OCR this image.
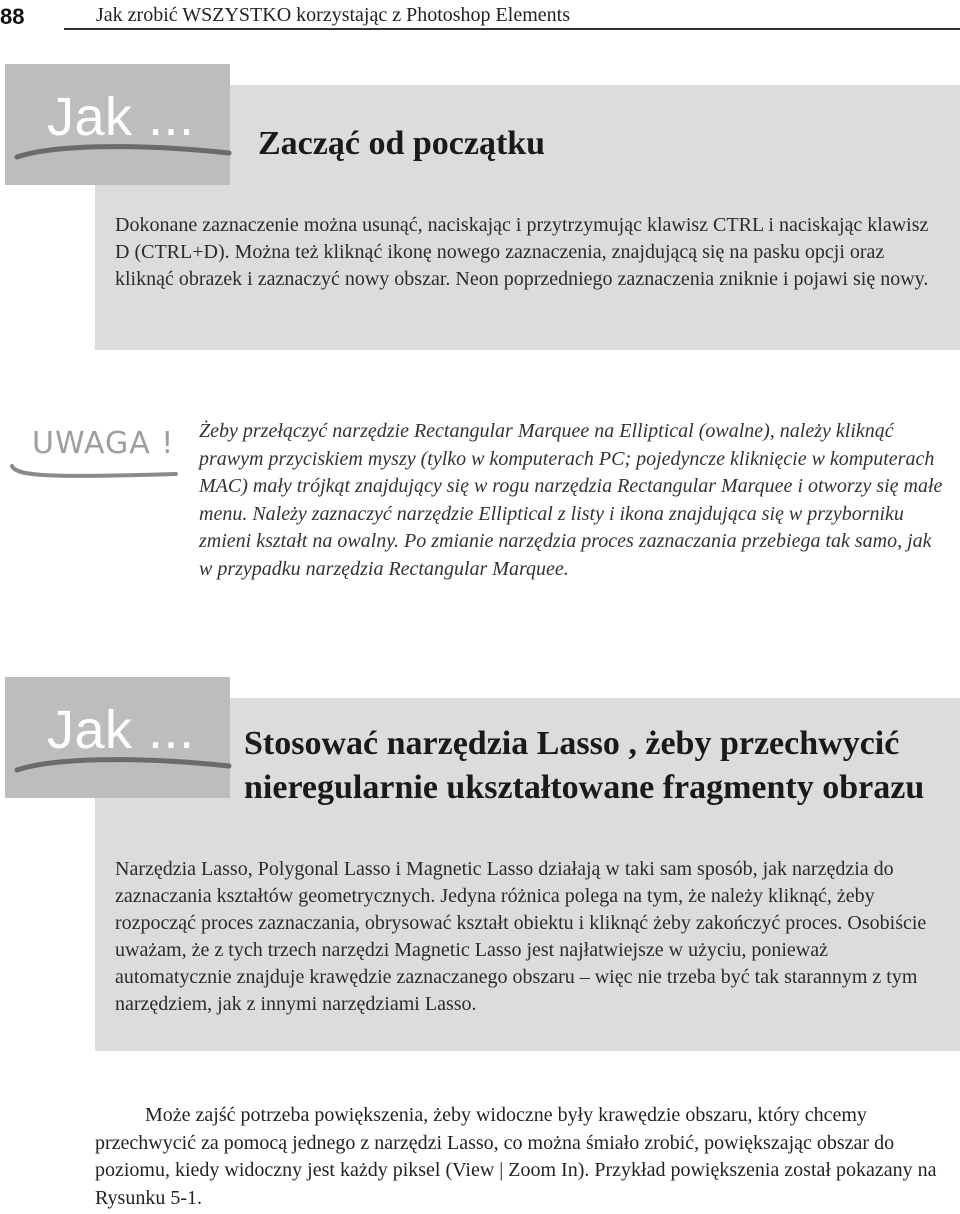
88	Jak zrobić WSZYSTKO korzystając z Photoshop Elements
Jak ... Zacząć od początku
Dokonane zaznaczenie można usunąć, naciskając i przytrzymując klawisz CTRL i naciskając klawisz D (CTRL+D). Można też kliknąć ikonę nowego zaznaczenia, znajdującą się na pasku opcji oraz kliknąć obrazek i zaznaczyć nowy obszar. Neon poprzedniego zaznaczenia zniknie i pojawi się nowy.
UWAGA ! Żeby przełączyć narzędzie Rectangular Marquee na Elliptical (owalne), należy kliknąć prawym przyciskiem myszy (tylko w komputerach PC; pojedyncze kliknięcie w komputerach MAC) mały trójkąt znajdujący się w rogu narzędzia Rectangular Marquee i otworzy się małe menu. Należy zaznaczyć narzędzie Elliptical z listy i ikona znajdująca się w przyborniku zmieni kształt na owalny. Po zmianie narzędzia proces zaznaczania przebiega tak samo, jak w przypadku narzędzia Rectangular Marquee.
Jak ... Stosować narzędzia Lasso , żeby przechwycić nieregularnie ukształtowane fragmenty obrazu
Narzędzia Lasso, Polygonal Lasso i Magnetic Lasso działają w taki sam sposób, jak narzędzia do zaznaczania kształtów geometrycznych. Jedyna różnica polega na tym, że należy kliknąć, żeby rozpocząć proces zaznaczania, obrysować kształt obiektu i kliknąć żeby zakończyć proces. Osobiście uważam, że z tych trzech narzędzi Magnetic Lasso jest najłatwiejsze w użyciu, ponieważ automatycznie znajduje krawędzie zaznaczanego obszaru – więc nie trzeba być tak starannym z tym narzędziem, jak z innymi narzędziami Lasso.
Może zajść potrzeba powiększenia, żeby widoczne były krawędzie obszaru, który chcemy przechwycić za pomocą jednego z narzędzi Lasso, co można śmiało zrobić, powiększając obszar do poziomu, kiedy widoczny jest każdy piksel (View | Zoom In). Przykład powiększenia został pokazany na Rysunku 5-1.
